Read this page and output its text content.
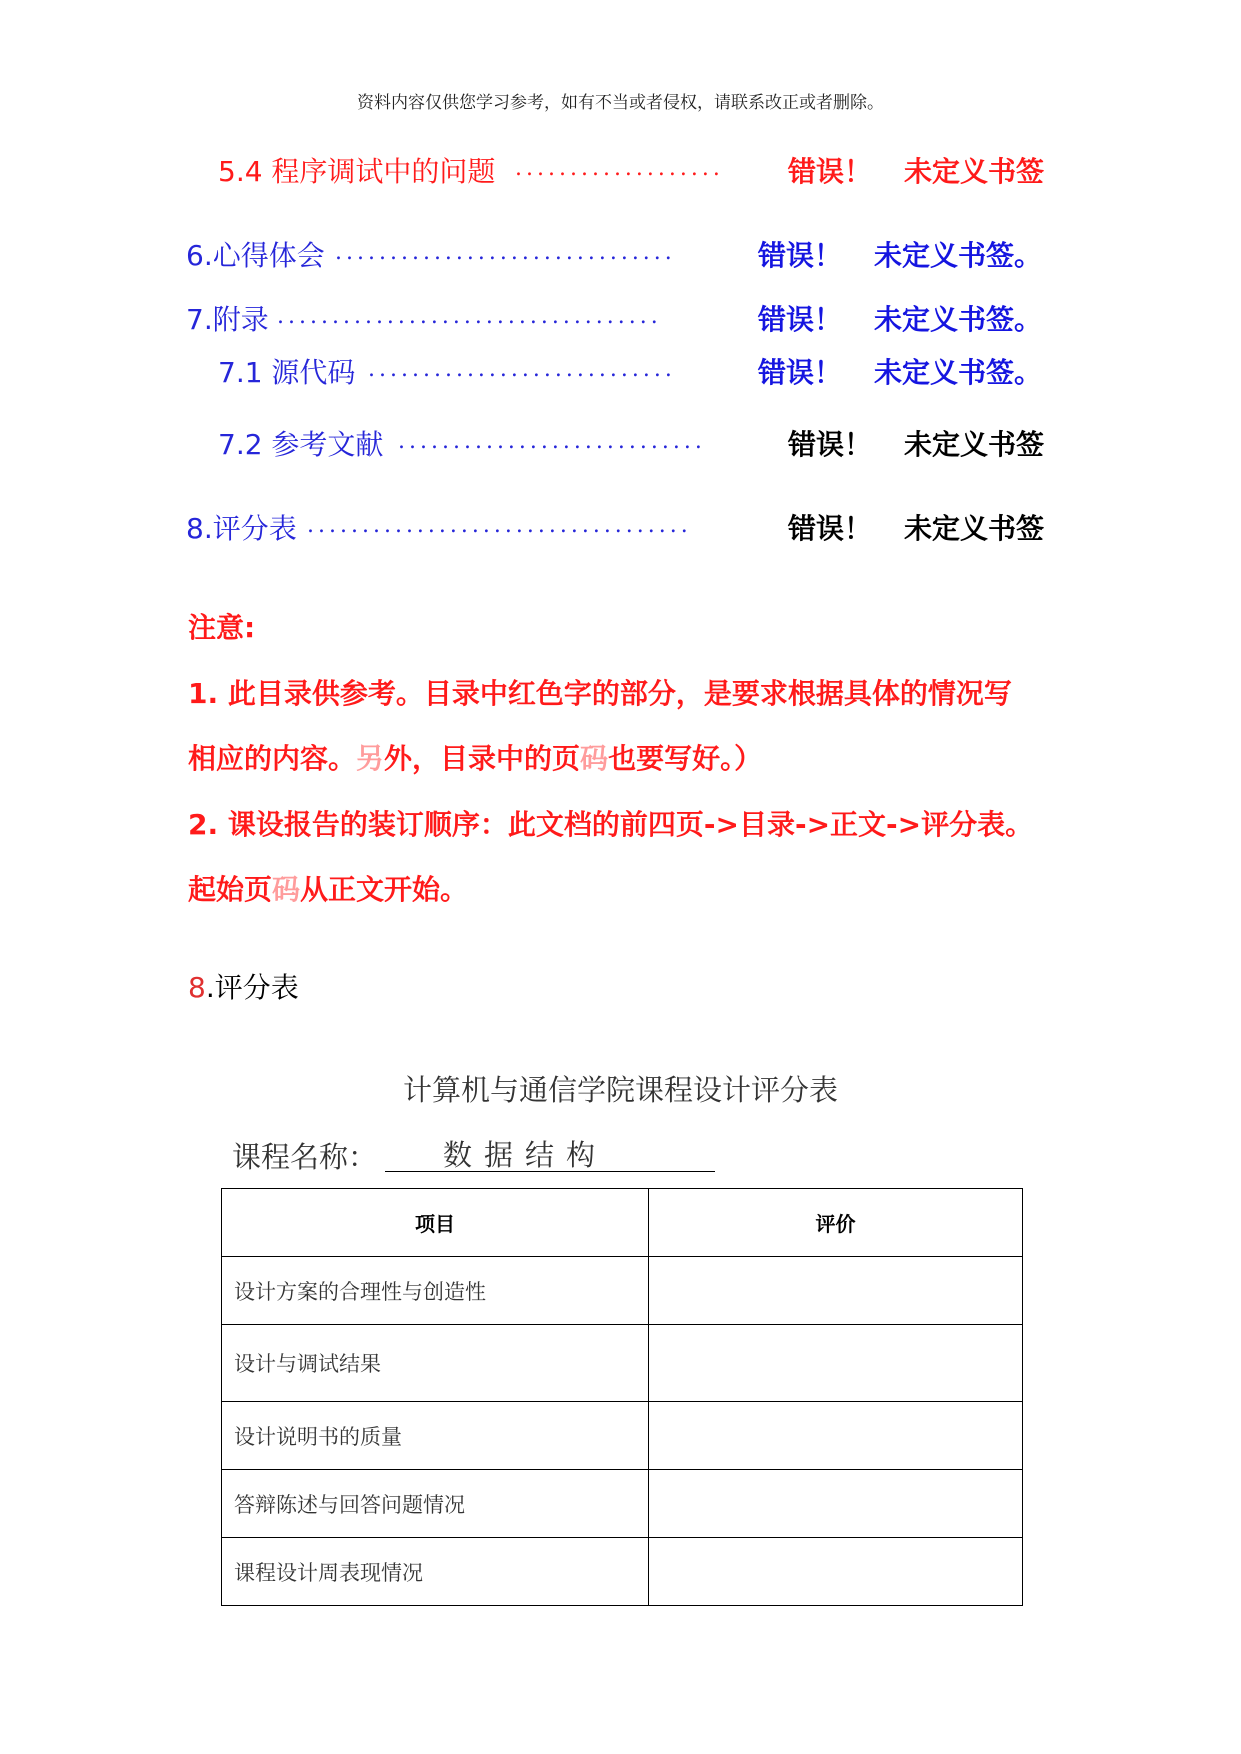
资料内容仅供您学习参考，如有不当或者侵权，请联系改正或者删除。
5.4 程序调试中的问题 ...................	错误！ 未定义书签
6.心得体会 ...............................	错误！ 未定义书签。
7.附录 ...................................	错误！ 未定义书签。
7.1 源代码 ............................	错误！ 未定义书签。
7.2 参考文献 ............................	错误！ 未定义书签
8.评分表 ...................................	错误！ 未定义书签
注意:
1. 此目录供参考。目录中红色字的部分，是要求根据具体的情况写
相应的内容。另外，目录中的页码也要写好。）
2. 课设报告的装订顺序：此文档的前四页->目录->正文->评分表。
起始页码从正文开始。
8.评分表
计算机与通信学院课程设计评分表
课程名称： 数据结构
项目	评价
设计方案的合理性与创造性	
设计与调试结果	
设计说明书的质量	
答辩陈述与回答问题情况	
课程设计周表现情况	
